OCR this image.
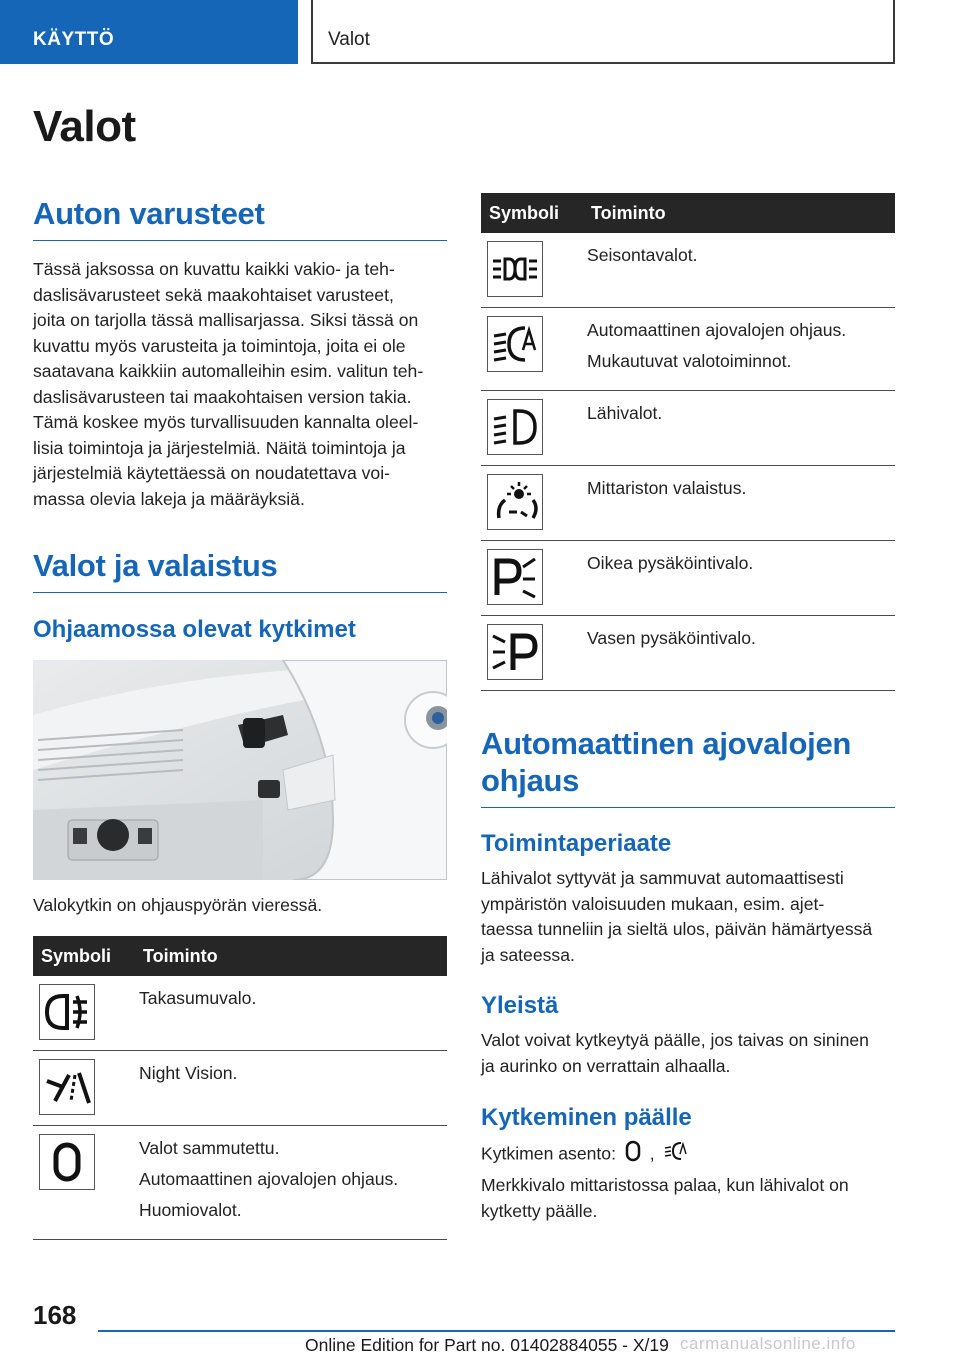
KÄYTTÖ	Valot
Valot
Auton varusteet
Tässä jaksossa on kuvattu kaikki vakio- ja teh‐
daslisävarusteet sekä maakohtaiset varusteet,
joita on tarjolla tässä mallisarjassa. Siksi tässä on
kuvattu myös varusteita ja toimintoja, joita ei ole
saatavana kaikkiin automalleihin esim. valitun teh‐
daslisävarusteen tai maakohtaisen version takia.
Tämä koskee myös turvallisuuden kannalta oleel‐
lisia toimintoja ja järjestelmiä. Näitä toimintoja ja
järjestelmiä käytettäessä on noudatettava voi‐
massa olevia lakeja ja määräyksiä.
Valot ja valaistus
Ohjaamossa olevat kytkimet
Valokytkin on ohjauspyörän vieressä.
Symboli	Toiminto

Takasumuvalo.

Night Vision.

Valot sammutettu.
Automaattinen ajovalojen ohjaus.
Huomiovalot.
Symboli	Toiminto

Seisontavalot.

Automaattinen ajovalojen ohjaus.
Mukautuvat valotoiminnot.

Lähivalot.

Mittariston valaistus.

Oikea pysäköintivalo.

Vasen pysäköintivalo.
Automaattinen ajovalojen
ohjaus
Toimintaperiaate
Lähivalot syttyvät ja sammuvat automaattisesti
ympäristön valoisuuden mukaan, esim. ajet‐
taessa tunneliin ja sieltä ulos, päivän hämärtyessä
ja sateessa.
Yleistä
Valot voivat kytkeytyä päälle, jos taivas on sininen
ja aurinko on verrattain alhaalla.
Kytkeminen päälle
Kytkimen asento: ,
Merkkivalo mittaristossa palaa, kun lähivalot on
kytketty päälle.
168
Online Edition for Part no. 01402884055 - X/19 carmanualsonline.info
